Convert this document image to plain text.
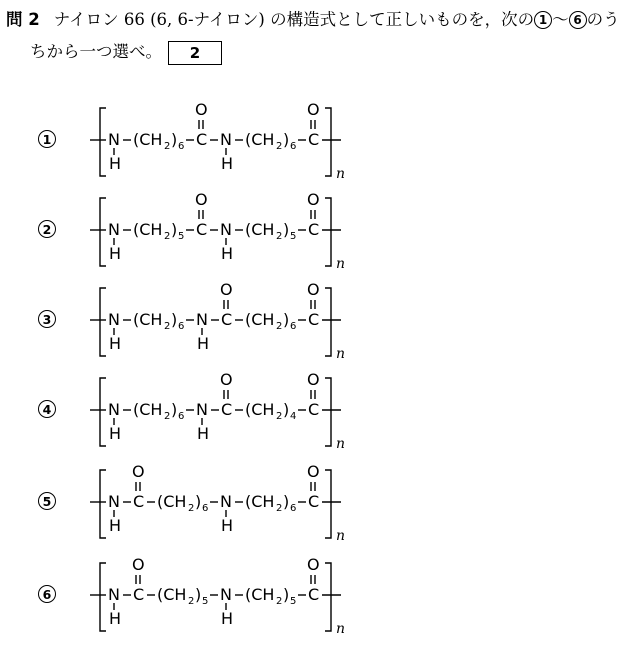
問 2 ナイロン 66 (6, 6-ナイロン) の構造式として正しいものを，次の 1 〜 6 のう
ちから一つ選べ。 2
1	N
H
(CH 2 ) 6
O
C N
H
(CH 2 ) 6
O
C
n
2	N
H
(CH 2 ) 5
O
C N
H
(CH 2 ) 5
O
C
n
3	N
H
(CH 2 ) 6 N
H
O
C (CH 2 ) 6
O
C
n
4	N
H
(CH 2 ) 6 N
H
O
C (CH 2 ) 4
O
C
n
5	N
H
O
C (CH 2 ) 6 N
H
(CH 2 ) 6
O
C
n
6	N
H
O
C (CH 2 ) 5 N
H
(CH 2 ) 5
O
C
n
